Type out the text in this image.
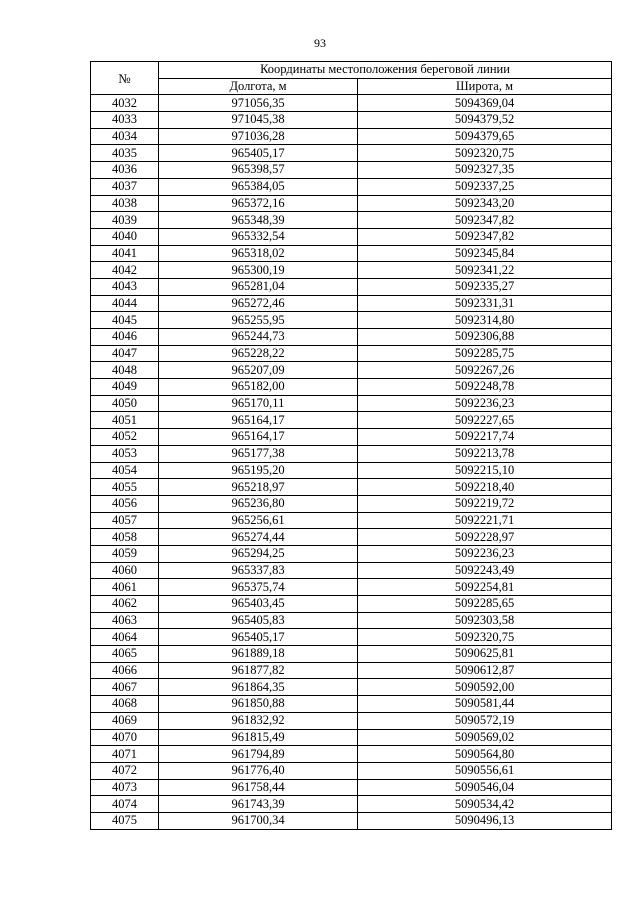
93
№	Координаты местоположения береговой линии	
	Долгота, м	Широта, м
4032	971056,35	5094369,04
4033	971045,38	5094379,52
4034	971036,28	5094379,65
4035	965405,17	5092320,75
4036	965398,57	5092327,35
4037	965384,05	5092337,25
4038	965372,16	5092343,20
4039	965348,39	5092347,82
4040	965332,54	5092347,82
4041	965318,02	5092345,84
4042	965300,19	5092341,22
4043	965281,04	5092335,27
4044	965272,46	5092331,31
4045	965255,95	5092314,80
4046	965244,73	5092306,88
4047	965228,22	5092285,75
4048	965207,09	5092267,26
4049	965182,00	5092248,78
4050	965170,11	5092236,23
4051	965164,17	5092227,65
4052	965164,17	5092217,74
4053	965177,38	5092213,78
4054	965195,20	5092215,10
4055	965218,97	5092218,40
4056	965236,80	5092219,72
4057	965256,61	5092221,71
4058	965274,44	5092228,97
4059	965294,25	5092236,23
4060	965337,83	5092243,49
4061	965375,74	5092254,81
4062	965403,45	5092285,65
4063	965405,83	5092303,58
4064	965405,17	5092320,75
4065	961889,18	5090625,81
4066	961877,82	5090612,87
4067	961864,35	5090592,00
4068	961850,88	5090581,44
4069	961832,92	5090572,19
4070	961815,49	5090569,02
4071	961794,89	5090564,80
4072	961776,40	5090556,61
4073	961758,44	5090546,04
4074	961743,39	5090534,42
4075	961700,34	5090496,13
